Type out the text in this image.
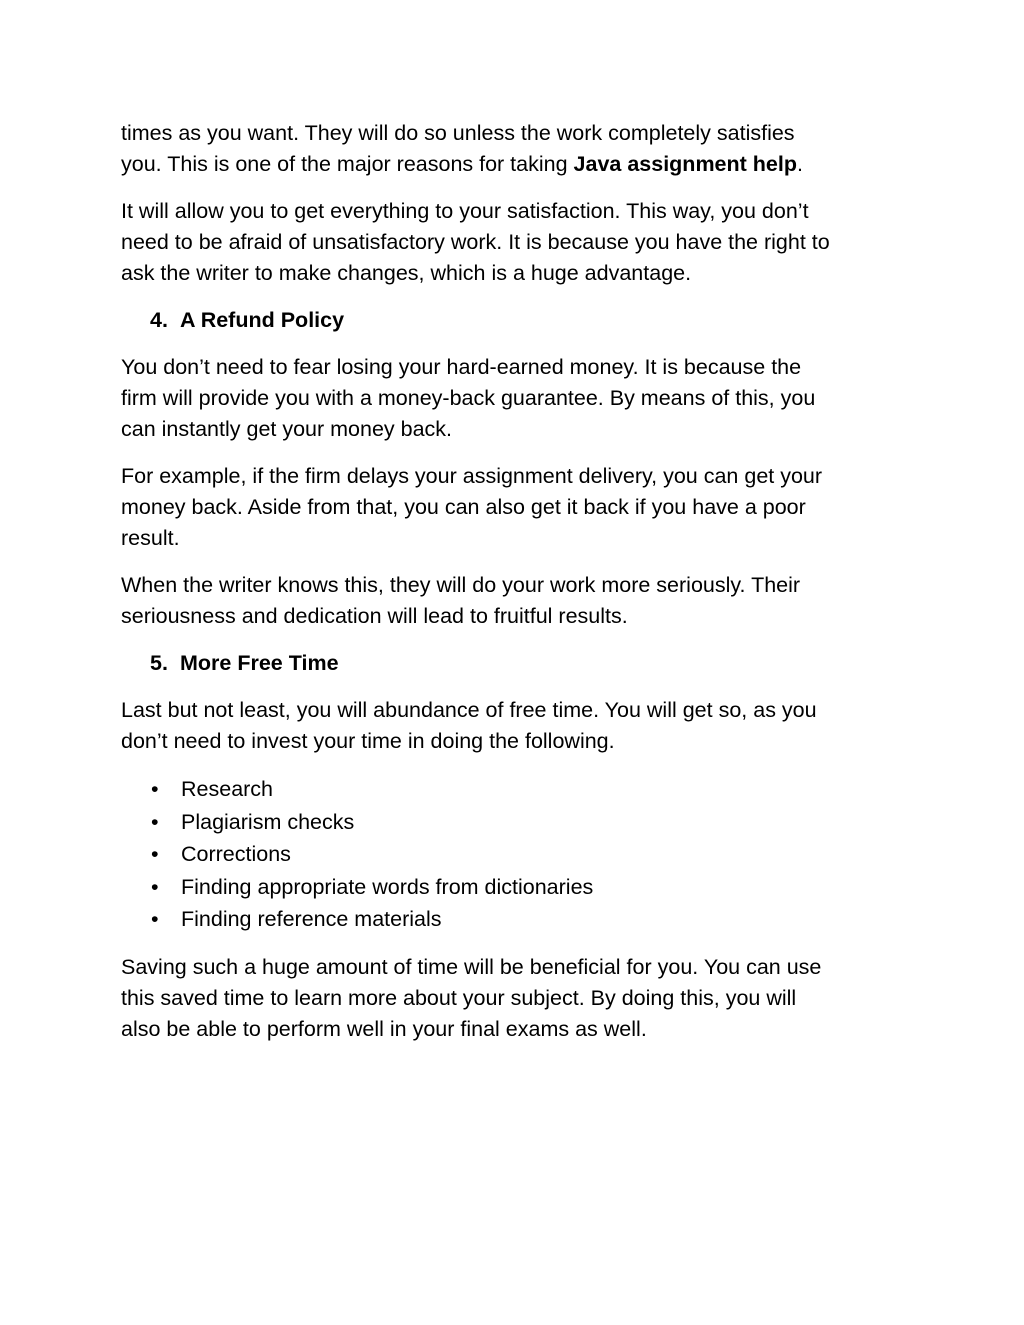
times as you want. They will do so unless the work completely satisfies
you. This is one of the major reasons for taking Java assignment help.

It will allow you to get everything to your satisfaction. This way, you don’t
need to be afraid of unsatisfactory work. It is because you have the right to
ask the writer to make changes, which is a huge advantage.

4. A Refund Policy

You don’t need to fear losing your hard-earned money. It is because the
firm will provide you with a money-back guarantee. By means of this, you
can instantly get your money back.

For example, if the firm delays your assignment delivery, you can get your
money back. Aside from that, you can also get it back if you have a poor
result.

When the writer knows this, they will do your work more seriously. Their
seriousness and dedication will lead to fruitful results.

5. More Free Time

Last but not least, you will abundance of free time. You will get so, as you
don’t need to invest your time in doing the following.

•	Research
•	Plagiarism checks
•	Corrections
•	Finding appropriate words from dictionaries
•	Finding reference materials

Saving such a huge amount of time will be beneficial for you. You can use
this saved time to learn more about your subject. By doing this, you will
also be able to perform well in your final exams as well.
